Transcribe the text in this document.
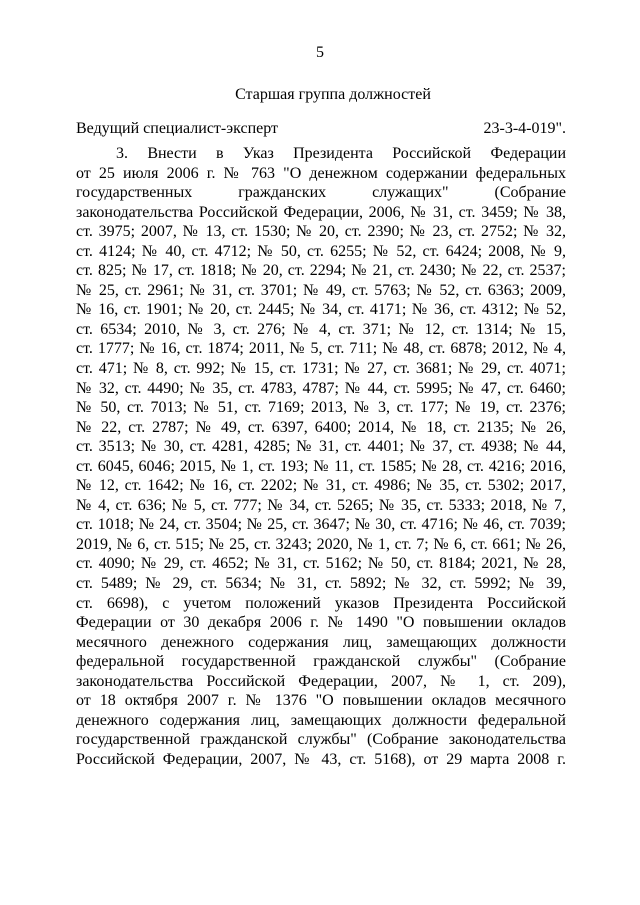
5
Старшая группа должностей
Ведущий специалист-эксперт	23-3-4-019".
3. Внести в Указ Президента Российской Федерации
от 25 июля 2006 г. № 763 "О денежном содержании федеральных
государственных гражданских служащих" (Собрание
законодательства Российской Федерации, 2006, № 31, ст. 3459; № 38,
ст. 3975; 2007, № 13, ст. 1530; № 20, ст. 2390; № 23, ст. 2752; № 32,
ст. 4124; № 40, ст. 4712; № 50, ст. 6255; № 52, ст. 6424; 2008, № 9,
ст. 825; № 17, ст. 1818; № 20, ст. 2294; № 21, ст. 2430; № 22, ст. 2537;
№ 25, ст. 2961; № 31, ст. 3701; № 49, ст. 5763; № 52, ст. 6363; 2009,
№ 16, ст. 1901; № 20, ст. 2445; № 34, ст. 4171; № 36, ст. 4312; № 52,
ст. 6534; 2010, № 3, ст. 276; № 4, ст. 371; № 12, ст. 1314; № 15,
ст. 1777; № 16, ст. 1874; 2011, № 5, ст. 711; № 48, ст. 6878; 2012, № 4,
ст. 471; № 8, ст. 992; № 15, ст. 1731; № 27, ст. 3681; № 29, ст. 4071;
№ 32, ст. 4490; № 35, ст. 4783, 4787; № 44, ст. 5995; № 47, ст. 6460;
№ 50, ст. 7013; № 51, ст. 7169; 2013, № 3, ст. 177; № 19, ст. 2376;
№ 22, ст. 2787; № 49, ст. 6397, 6400; 2014, № 18, ст. 2135; № 26,
ст. 3513; № 30, ст. 4281, 4285; № 31, ст. 4401; № 37, ст. 4938; № 44,
ст. 6045, 6046; 2015, № 1, ст. 193; № 11, ст. 1585; № 28, ст. 4216; 2016,
№ 12, ст. 1642; № 16, ст. 2202; № 31, ст. 4986; № 35, ст. 5302; 2017,
№ 4, ст. 636; № 5, ст. 777; № 34, ст. 5265; № 35, ст. 5333; 2018, № 7,
ст. 1018; № 24, ст. 3504; № 25, ст. 3647; № 30, ст. 4716; № 46, ст. 7039;
2019, № 6, ст. 515; № 25, ст. 3243; 2020, № 1, ст. 7; № 6, ст. 661; № 26,
ст. 4090; № 29, ст. 4652; № 31, ст. 5162; № 50, ст. 8184; 2021, № 28,
ст. 5489; № 29, ст. 5634; № 31, ст. 5892; № 32, ст. 5992; № 39,
ст. 6698), с учетом положений указов Президента Российской
Федерации от 30 декабря 2006 г. № 1490 "О повышении окладов
месячного денежного содержания лиц, замещающих должности
федеральной государственной гражданской службы" (Собрание
законодательства Российской Федерации, 2007, № 1, ст. 209),
от 18 октября 2007 г. № 1376 "О повышении окладов месячного
денежного содержания лиц, замещающих должности федеральной
государственной гражданской службы" (Собрание законодательства
Российской Федерации, 2007, № 43, ст. 5168), от 29 марта 2008 г.
